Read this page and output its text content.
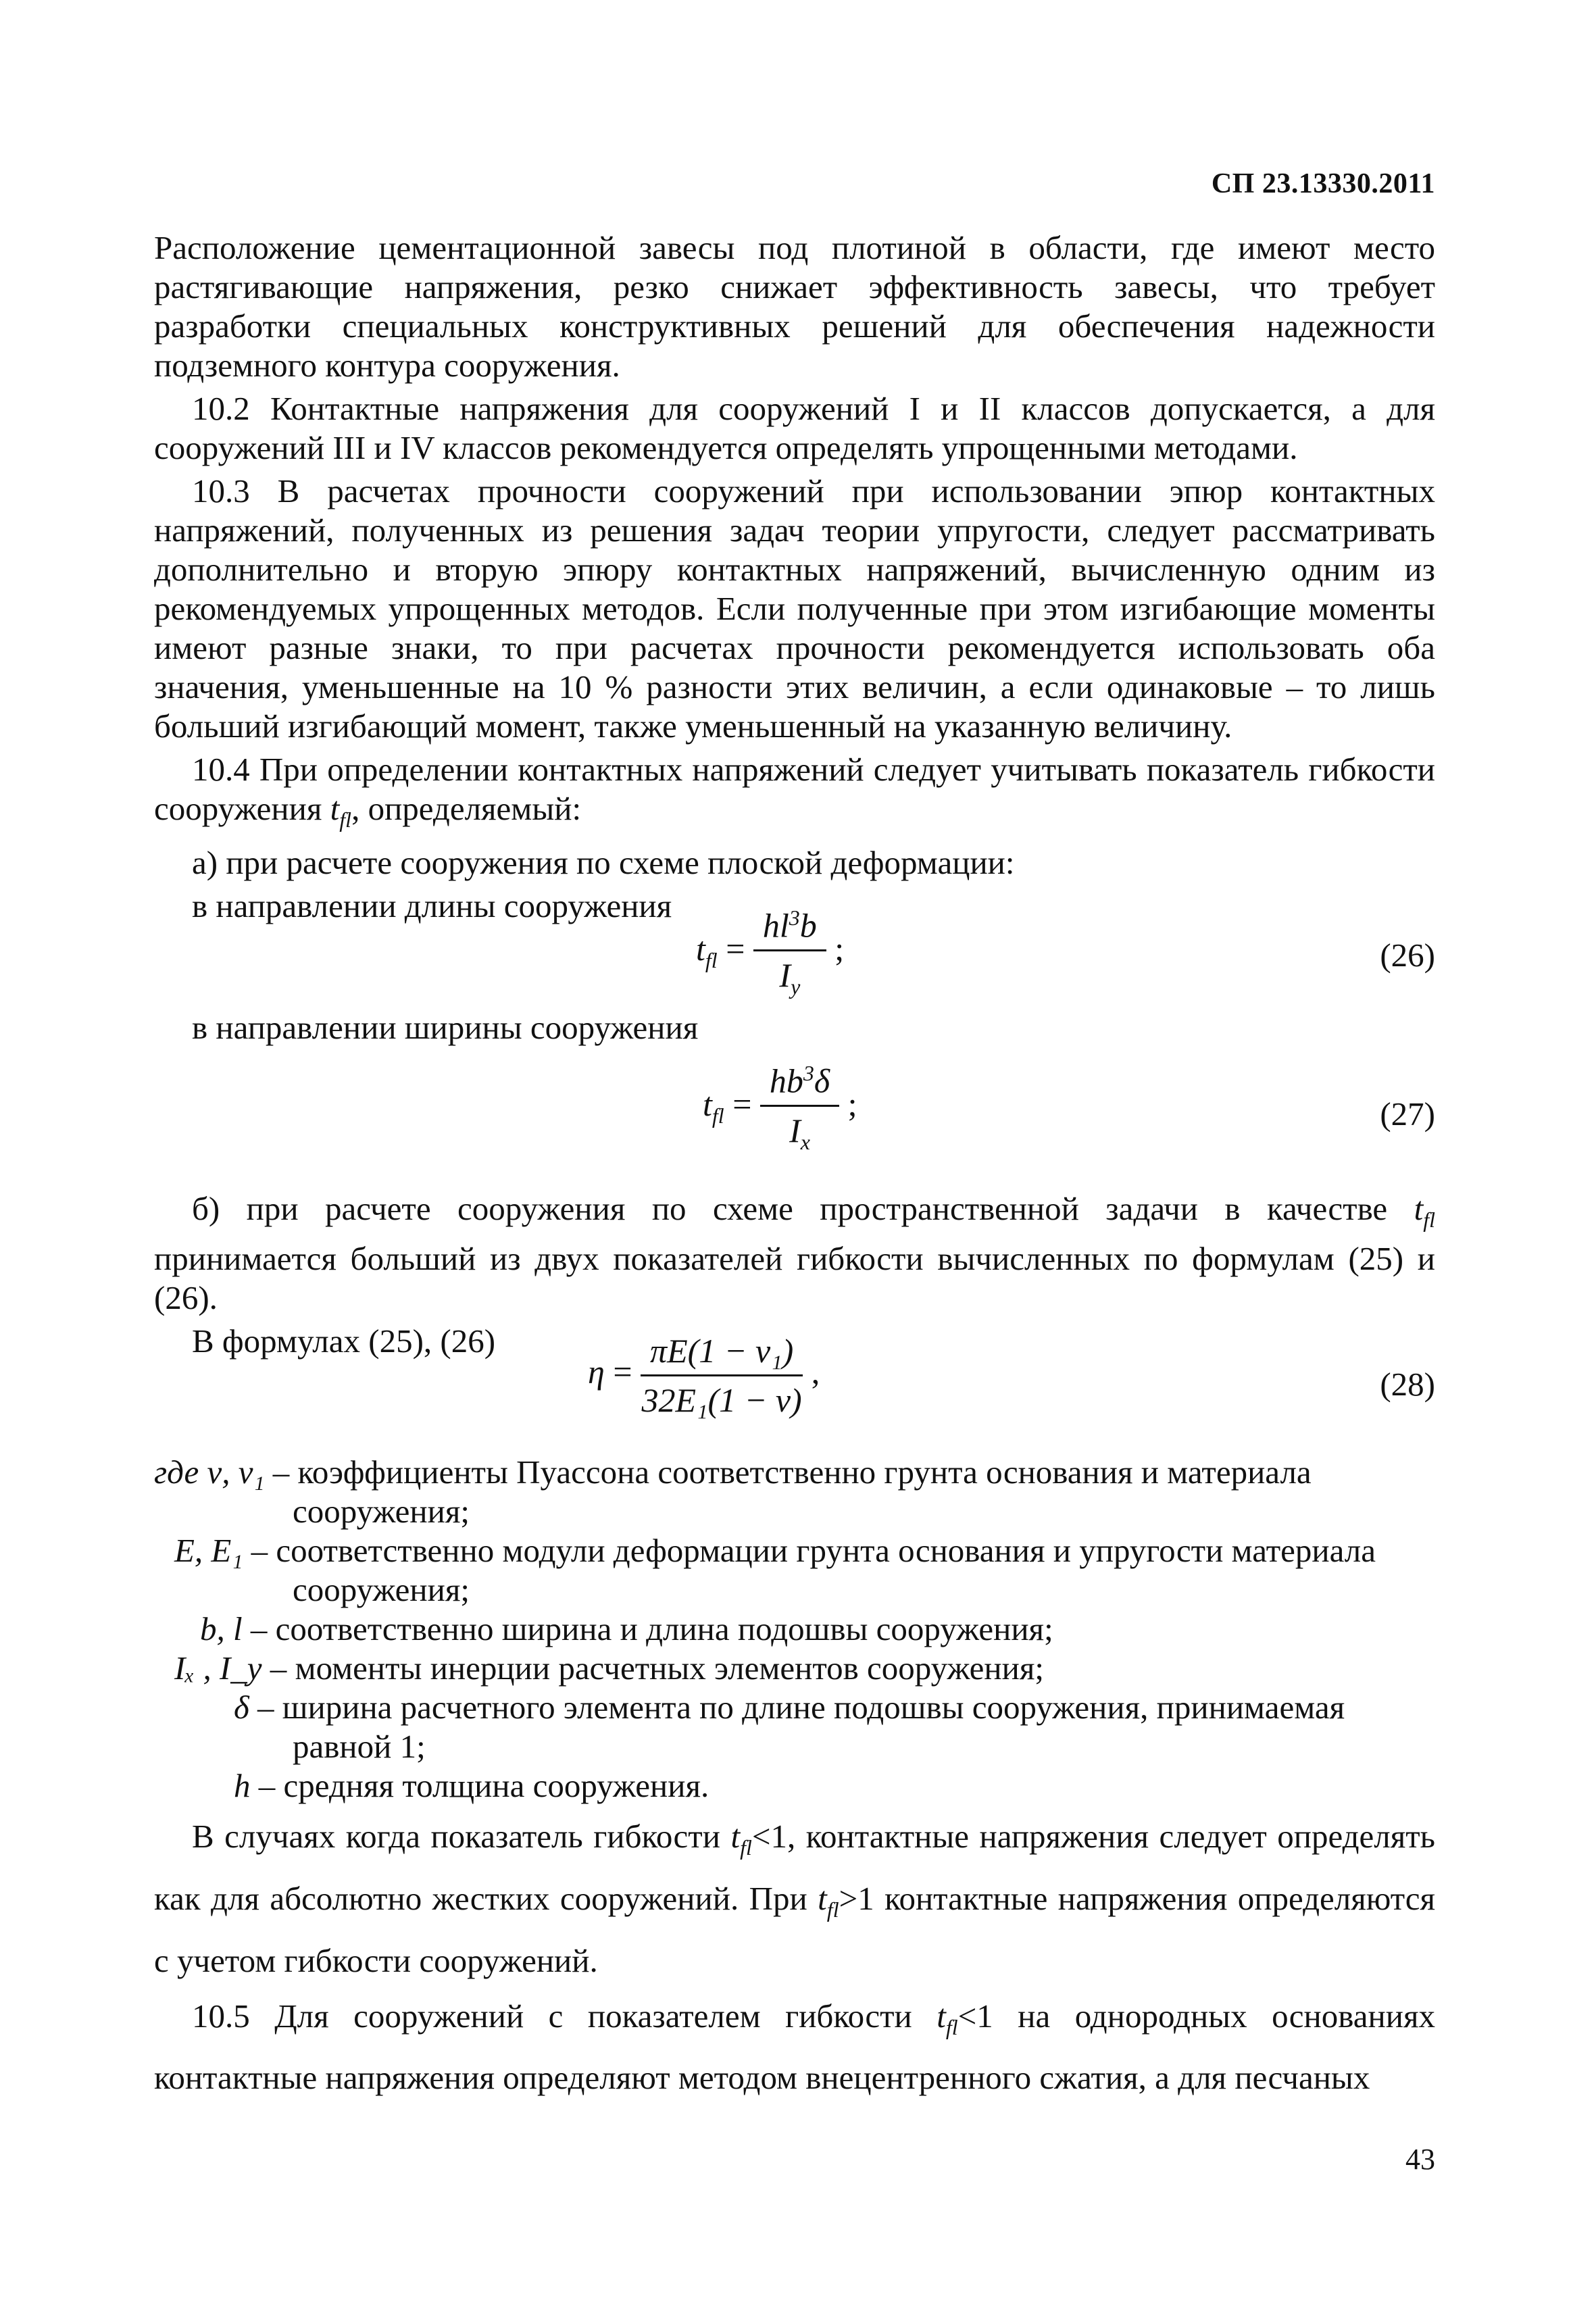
СП 23.13330.2011

Расположение цементационной завесы под плотиной в области, где имеют место растягивающие напряжения, резко снижает эффективность завесы, что требует разработки специальных конструктивных решений для обеспечения надежности подземного контура сооружения.

10.2 Контактные напряжения для сооружений I и II классов допускается, а для сооружений III и IV классов рекомендуется определять упрощенными методами.

10.3 В расчетах прочности сооружений при использовании эпюр контактных напряжений, полученных из решения задач теории упругости, следует рассматривать дополнительно и вторую эпюру контактных напряжений, вычисленную одним из рекомендуемых упрощенных методов. Если полученные при этом изгибающие моменты имеют разные знаки, то при расчетах прочности рекомендуется использовать оба значения, уменьшенные на 10 % разности этих величин, а если одинаковые – то лишь больший изгибающий момент, также уменьшенный на указанную величину.

10.4 При определении контактных напряжений следует учитывать показатель гибкости сооружения $t_{fl}$, определяемый:

а) при расчете сооружения по схеме плоской деформации:

в направлении длины сооружения

$t_{fl} = \frac{hl^3b}{I_y}$ ;	(26)

в направлении ширины сооружения

$t_{fl} = \frac{hb^3\delta}{I_x}$ ;	(27)

б) при расчете сооружения по схеме пространственной задачи в качестве $t_{fl}$ принимается больший из двух показателей гибкости вычисленных по формулам (25) и (26).

В формулах (25), (26)

$\eta = \frac{\text{πE(1 − ν₁)}}{\text{32E₁(1 − ν)}}$ ,	(28)
где ν, ν₁ – коэффициенты Пуассона соответственно грунта основания и материала
сооружения;
E, E₁ – соответственно модули деформации грунта основания и упругости материала
сооружения;
b, l – соответственно ширина и длина подошвы сооружения;
Iₓ , I_y – моменты инерции расчетных элементов сооружения;
δ – ширина расчетного элемента по длине подошвы сооружения, принимаемая
равной 1;
h – средняя толщина сооружения.

В случаях когда показатель гибкости $t_{fl}<1$, контактные напряжения следует определять как для абсолютно жестких сооружений. При $t_{fl}>1$ контактные напряжения определяются с учетом гибкости сооружений.

10.5 Для сооружений с показателем гибкости $t_{fl}<1$ на однородных основаниях контактные напряжения определяют методом внецентренного сжатия, а для песчаных

43
